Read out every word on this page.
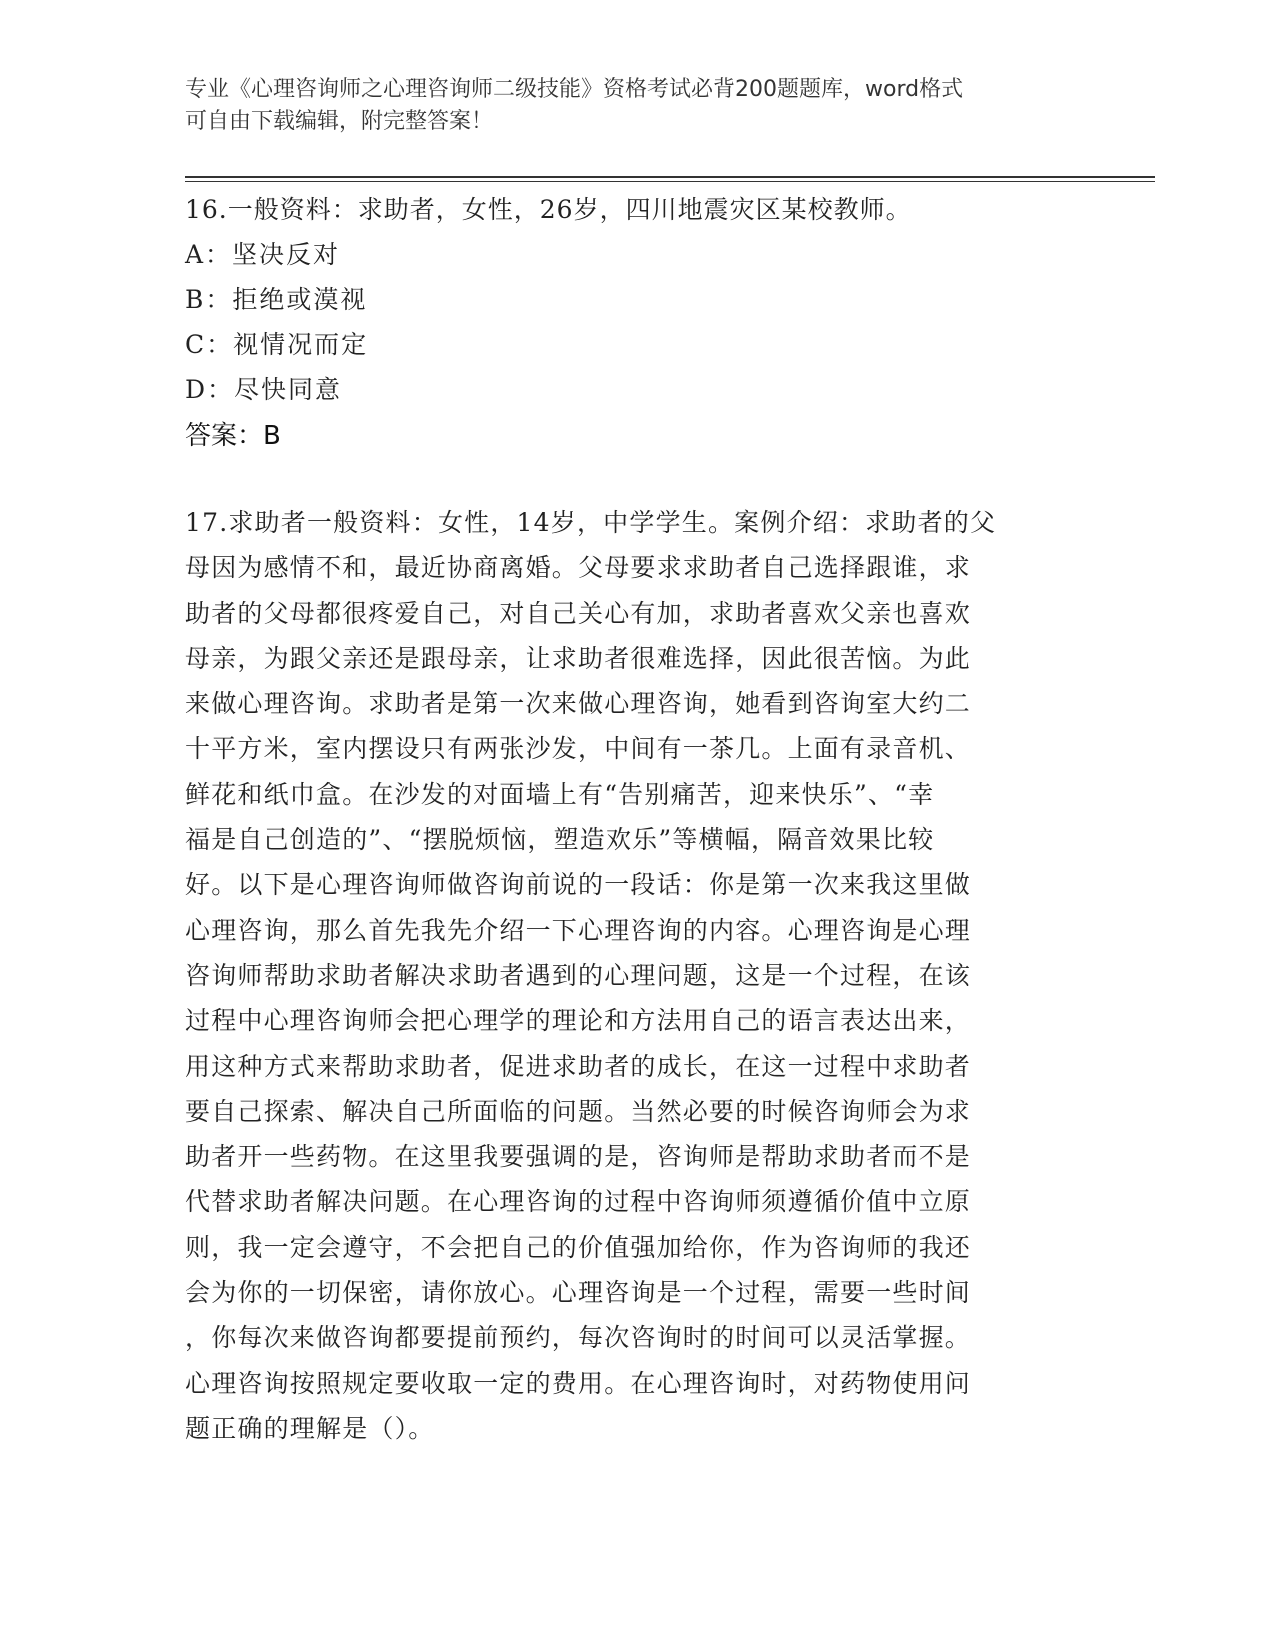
专业《心理咨询师之心理咨询师二级技能》资格考试必背200题题库，word格式
可自由下载编辑，附完整答案！
16.一般资料：求助者，女性，26岁，四川地震灾区某校教师。
A：坚决反对
B：拒绝或漠视
C：视情况而定
D：尽快同意
答案：B
17.求助者一般资料：女性，14岁，中学学生。案例介绍：求助者的父
母因为感情不和，最近协商离婚。父母要求求助者自己选择跟谁，求
助者的父母都很疼爱自己，对自己关心有加，求助者喜欢父亲也喜欢
母亲，为跟父亲还是跟母亲，让求助者很难选择，因此很苦恼。为此
来做心理咨询。求助者是第一次来做心理咨询，她看到咨询室大约二
十平方米，室内摆设只有两张沙发，中间有一茶几。上面有录音机、
鲜花和纸巾盒。在沙发的对面墙上有“告别痛苦，迎来快乐”、“幸
福是自己创造的”、“摆脱烦恼，塑造欢乐”等横幅，隔音效果比较
好。以下是心理咨询师做咨询前说的一段话：你是第一次来我这里做
心理咨询，那么首先我先介绍一下心理咨询的内容。心理咨询是心理
咨询师帮助求助者解决求助者遇到的心理问题，这是一个过程，在该
过程中心理咨询师会把心理学的理论和方法用自己的语言表达出来，
用这种方式来帮助求助者，促进求助者的成长，在这一过程中求助者
要自己探索、解决自己所面临的问题。当然必要的时候咨询师会为求
助者开一些药物。在这里我要强调的是，咨询师是帮助求助者而不是
代替求助者解决问题。在心理咨询的过程中咨询师须遵循价值中立原
则，我一定会遵守，不会把自己的价值强加给你，作为咨询师的我还
会为你的一切保密，请你放心。心理咨询是一个过程，需要一些时间
，你每次来做咨询都要提前预约，每次咨询时的时间可以灵活掌握。
心理咨询按照规定要收取一定的费用。在心理咨询时，对药物使用问
题正确的理解是（）。
